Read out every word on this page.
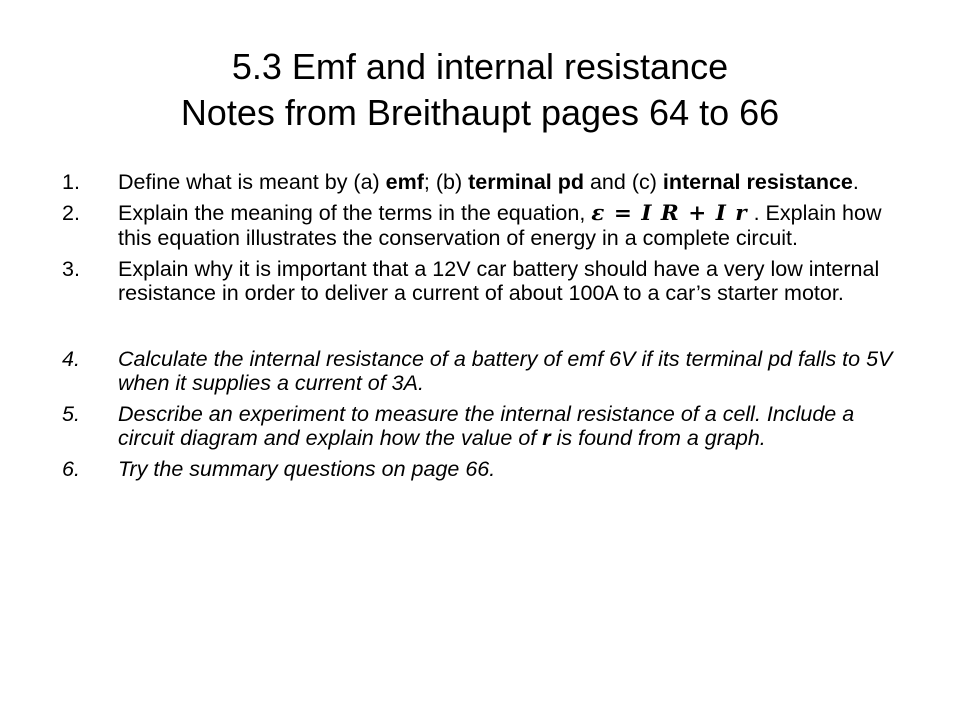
5.3 Emf and internal resistance
Notes from Breithaupt pages 64 to 66
1. Define what is meant by (a) emf; (b) terminal pd and (c) internal resistance.
2. Explain the meaning of the terms in the equation, ε = I R + I r . Explain how this equation illustrates the conservation of energy in a complete circuit.
3. Explain why it is important that a 12V car battery should have a very low internal resistance in order to deliver a current of about 100A to a car’s starter motor.
4. Calculate the internal resistance of a battery of emf 6V if its terminal pd falls to 5V when it supplies a current of 3A.
5. Describe an experiment to measure the internal resistance of a cell. Include a circuit diagram and explain how the value of r is found from a graph.
6. Try the summary questions on page 66.
